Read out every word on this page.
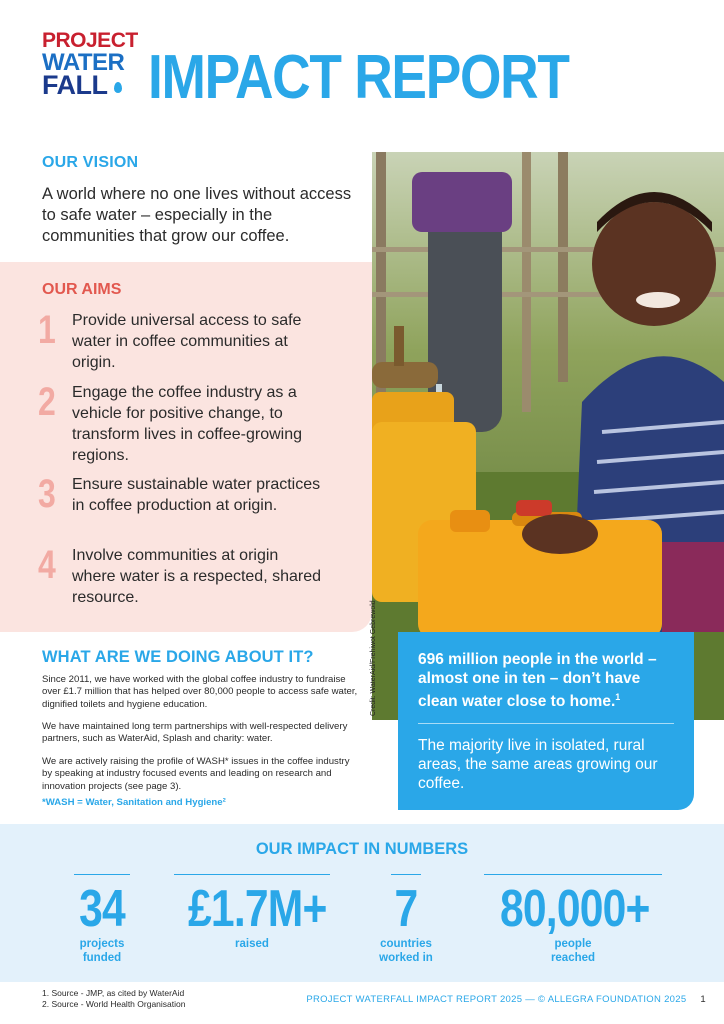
PROJECT
WATER
FALL IMPACT REPORT
OUR VISION
A world where no one lives without access to safe water – especially in the communities that grow our coffee.
OUR AIMS
1 Provide universal access to safe water in coffee communities at origin.
2 Engage the coffee industry as a vehicle for positive change, to transform lives in coffee-growing regions.
3 Ensure sustainable water practices in coffee production at origin.
4 Involve communities at origin where water is a respected, shared resource.
Credit: WaterAid/Frehiwot Gebrewold
WHAT ARE WE DOING ABOUT IT?
Since 2011, we have worked with the global coffee industry to fundraise over £1.7 million that has helped over 80,000 people to access safe water, dignified toilets and hygiene education.
We have maintained long term partnerships with well-respected delivery partners, such as WaterAid, Splash and charity: water.
We are actively raising the profile of WASH* issues in the coffee industry by speaking at industry focused events and leading on research and innovation projects (see page 3).
*WASH = Water, Sanitation and Hygiene²
696 million people in the world – almost one in ten – don’t have clean water close to home.$^1$
The majority live in isolated, rural areas, the same areas growing our coffee.
OUR IMPACT IN NUMBERS
34
projects
funded
£1.7M+
raised
7
countries
worked in
80,000+
people
reached
1. Source - JMP, as cited by WaterAid
2. Source - World Health Organisation	PROJECT WATERFALL IMPACT REPORT 2025 — © ALLEGRA FOUNDATION 2025 1
